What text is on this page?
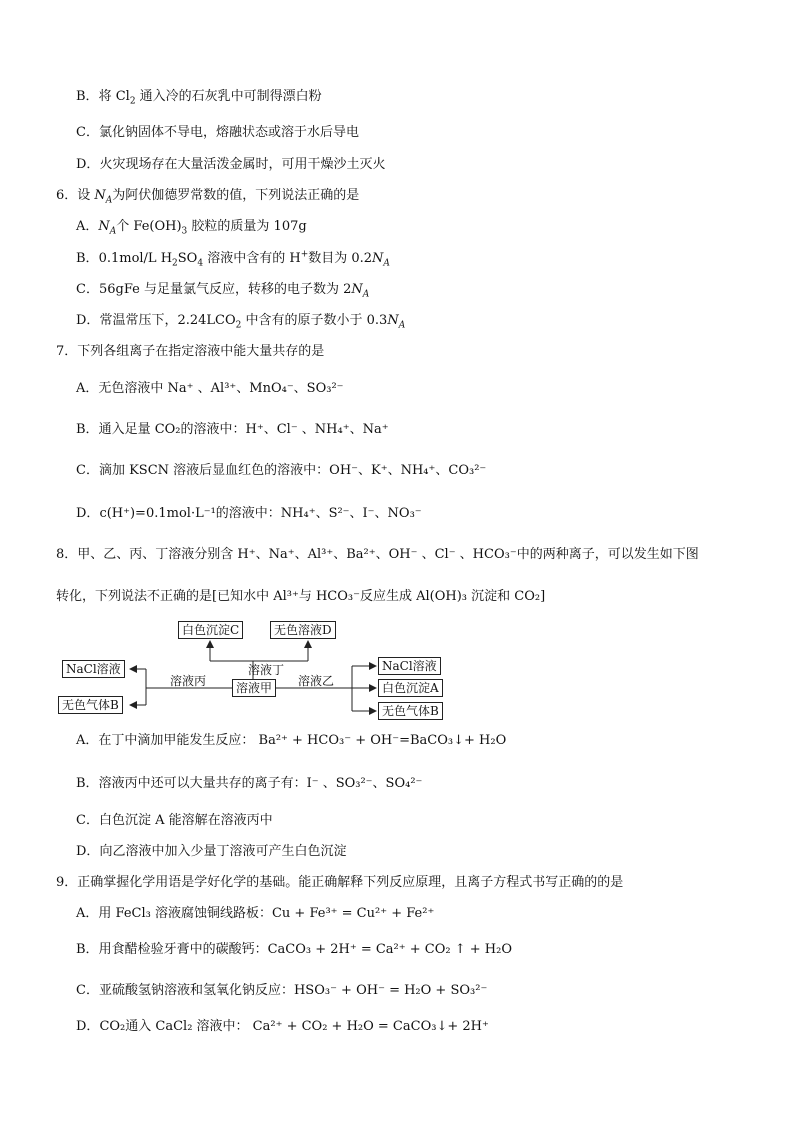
B．将 $Cl_2$ 通入冷的石灰乳中可制得漂白粉
C．氯化钠固体不导电，熔融状态或溶于水后导电
D．火灾现场存在大量活泼金属时，可用干燥沙土灭火
6．设 $N_A$为阿伏伽德罗常数的值，下列说法正确的是
A．$N_A$个 $Fe(OH)_3$ 胶粒的质量为 107g
B．0.1mol/L $H_2SO_4$ 溶液中含有的 H+数目为 $0.2N_A$
C．56gFe 与足量氯气反应，转移的电子数为 $2N_A$
D．常温常压下，$2.24LCO_2$ 中含有的原子数小于 $0.3N_A$
7．下列各组离子在指定溶液中能大量共存的是
A．无色溶液中 Na⁺ 、Al³⁺、MnO₄⁻、SO₃²⁻
B．通入足量 CO₂的溶液中：H⁺、Cl⁻ 、NH₄⁺、Na⁺
C．滴加 KSCN 溶液后显血红色的溶液中：OH⁻、K⁺、NH₄⁺、CO₃²⁻
D．c(H⁺)=0.1mol·L⁻¹的溶液中：NH₄⁺、S²⁻、I⁻、NO₃⁻
8．甲、乙、丙、丁溶液分别含 H⁺、Na⁺、Al³⁺、Ba²⁺、OH⁻ 、Cl⁻ 、HCO₃⁻中的两种离子，可以发生如下图
转化，下列说法不正确的是[已知水中 Al³⁺与 HCO₃⁻反应生成 Al(OH)₃ 沉淀和 CO₂]
白色沉淀C	无色溶液D
溶液丁
NaCl溶液
无色气体B
溶液丙	溶液甲	溶液乙
NaCl溶液
白色沉淀A
无色气体B
A．在丁中滴加甲能发生反应： Ba²⁺ + HCO₃⁻ + OH⁻=BaCO₃↓+ H₂O
B．溶液丙中还可以大量共存的离子有：I⁻ 、SO₃²⁻、SO₄²⁻
C．白色沉淀 A 能溶解在溶液丙中
D．向乙溶液中加入少量丁溶液可产生白色沉淀
9．正确掌握化学用语是学好化学的基础。能正确解释下列反应原理，且离子方程式书写正确的的是
A．用 FeCl₃ 溶液腐蚀铜线路板：Cu + Fe³⁺ = Cu²⁺ + Fe²⁺
B．用食醋检验牙膏中的碳酸钙：CaCO₃ + 2H⁺ = Ca²⁺ + CO₂ ↑ + H₂O
C．亚硫酸氢钠溶液和氢氧化钠反应：HSO₃⁻ + OH⁻ = H₂O + SO₃²⁻
D．CO₂通入 CaCl₂ 溶液中： Ca²⁺ + CO₂ + H₂O = CaCO₃↓+ 2H⁺
